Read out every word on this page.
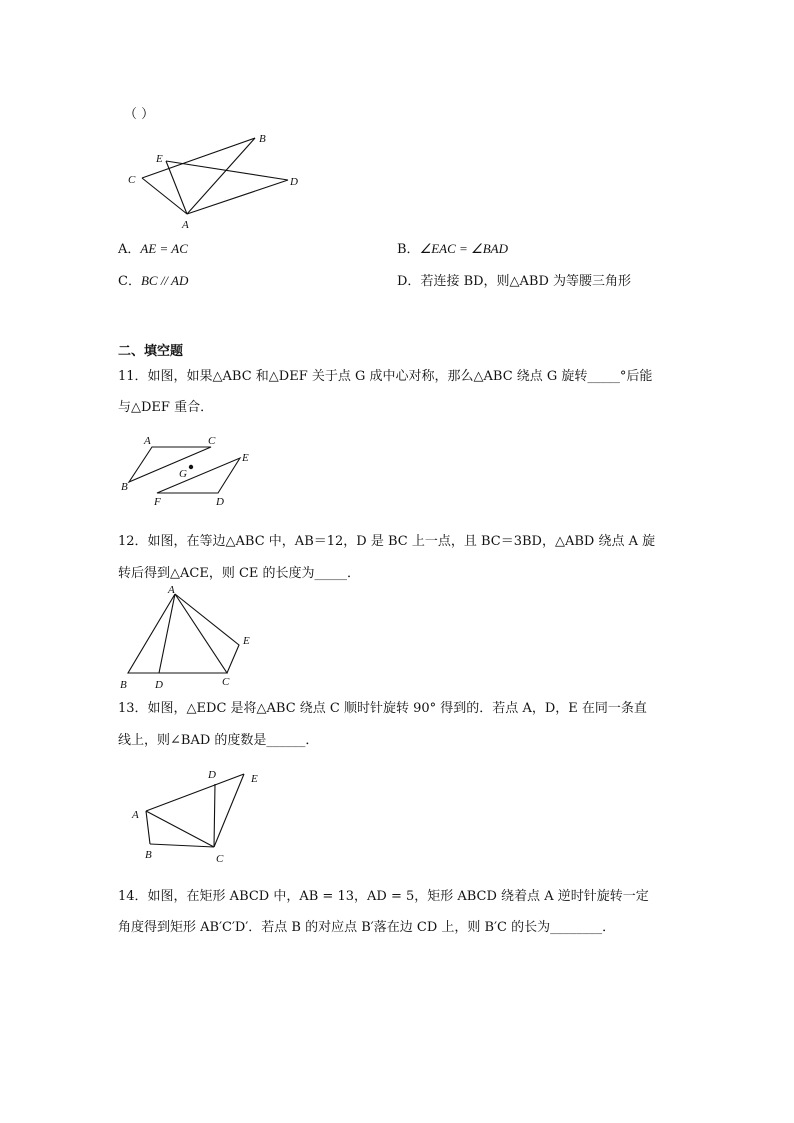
（ ）
B
E
C	D
A
A．AE = AC	B．∠EAC = ∠BAD
C．BC // AD	D．若连接 BD，则△ABD 为等腰三角形
二、填空题
11．如图，如果△ABC 和△DEF 关于点 G 成中心对称，那么△ABC 绕点 G 旋转_____°后能
与△DEF 重合．
A	C
G
E
B
F	D
12．如图，在等边△ABC 中，AB＝12，D 是 BC 上一点，且 BC＝3BD，△ABD 绕点 A 旋
转后得到△ACE，则 CE 的长度为_____．
A
E
B	D	C
13．如图，△EDC 是将△ABC 绕点 C 顺时针旋转 90° 得到的．若点 A，D，E 在同一条直
线上，则∠BAD 的度数是______．
D	E
A
B	C
14．如图，在矩形 ABCD 中，AB = 13，AD = 5，矩形 ABCD 绕着点 A 逆时针旋转一定
角度得到矩形 AB′C′D′．若点 B 的对应点 B′落在边 CD 上，则 B′C 的长为________．
